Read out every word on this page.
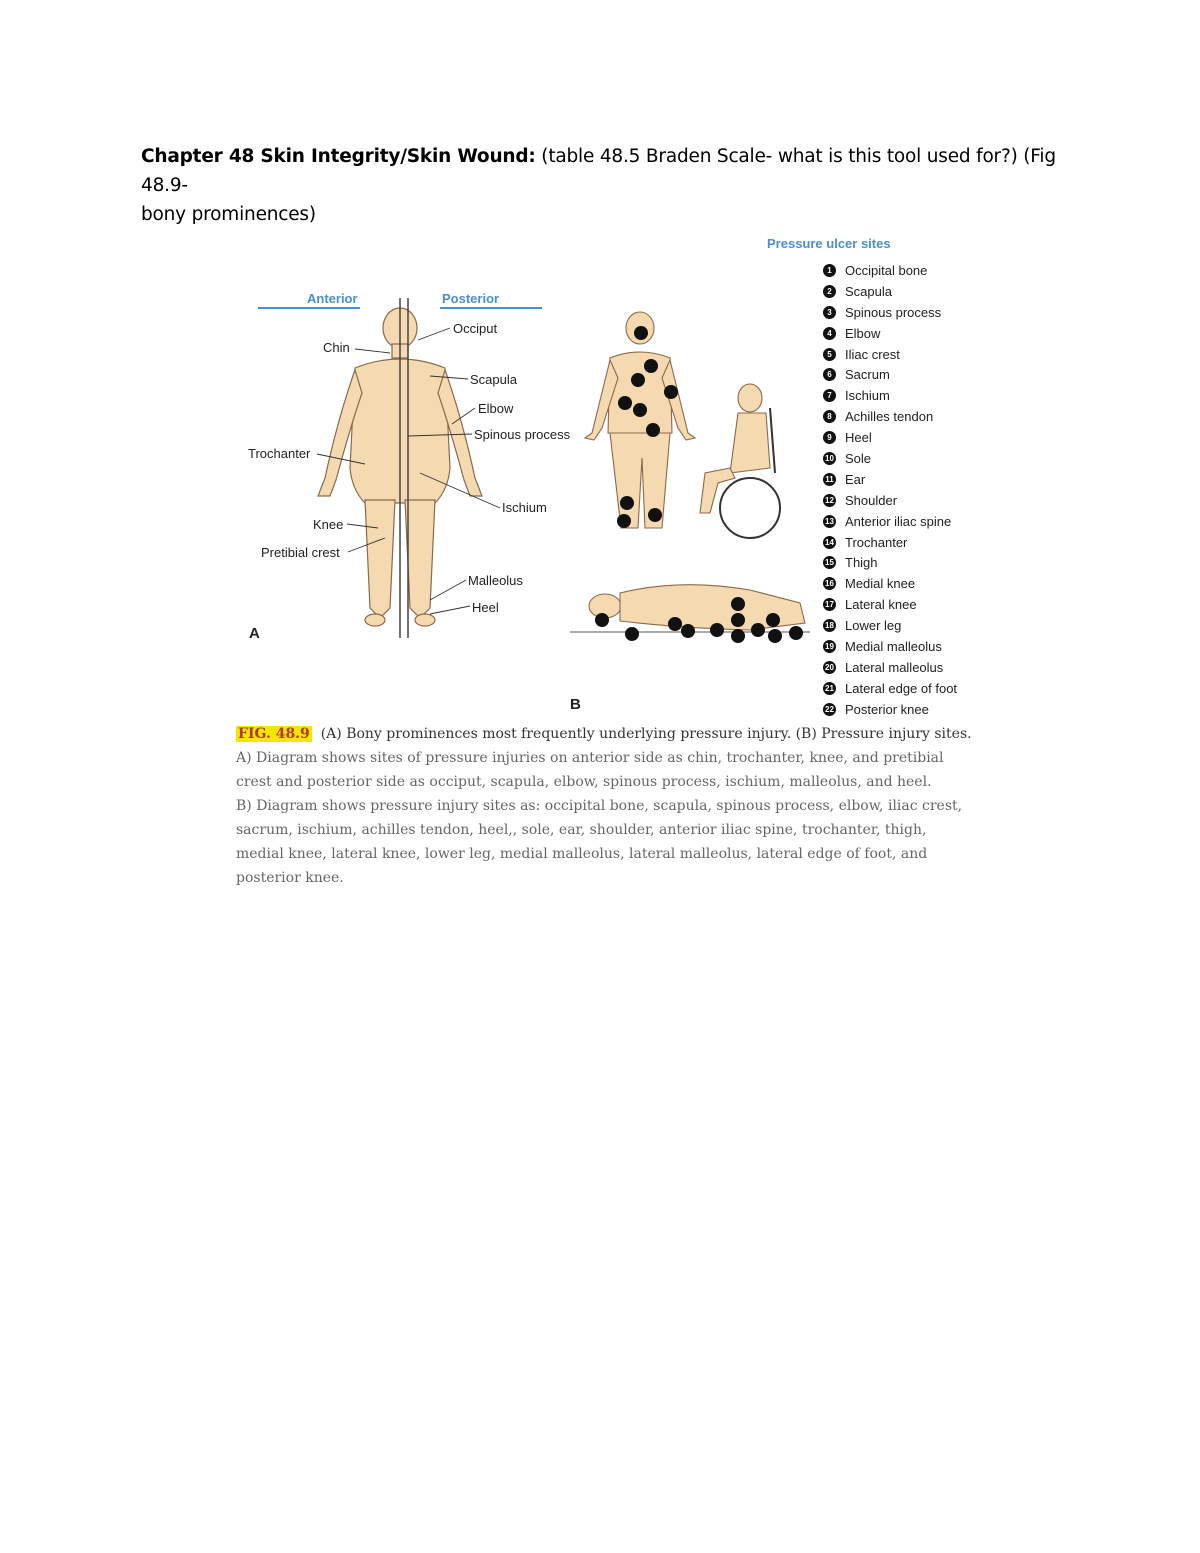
Chapter 48 Skin Integrity/Skin Wound: (table 48.5 Braden Scale- what is this tool used for?) (Fig 48.9-
bony prominences)
Anterior	Posterior
Chin
Occiput
Scapula
Elbow
Spinous process
Trochanter
Ischium
Knee
Pretibial crest
Malleolus
Heel
A
B
Pressure ulcer sites
1	Occipital bone
2	Scapula
3	Spinous process
4	Elbow
5	Iliac crest
6	Sacrum
7	Ischium
8	Achilles tendon
9	Heel
10 Sole
11 Ear
12 Shoulder
13 Anterior iliac spine
14 Trochanter
15 Thigh
16 Medial knee
17 Lateral knee
18 Lower leg
19 Medial malleolus
20 Lateral malleolus
21 Lateral edge of foot
22 Posterior knee

FIG. 48.9 (A) Bony prominences most frequently underlying pressure injury. (B) Pressure injury sites.

A) Diagram shows sites of pressure injuries on anterior side as chin, trochanter, knee, and pretibial crest and posterior side as occiput, scapula, elbow, spinous process, ischium, malleolus, and heel.

B) Diagram shows pressure injury sites as: occipital bone, scapula, spinous process, elbow, iliac crest, sacrum, ischium, achilles tendon, heel,, sole, ear, shoulder, anterior iliac spine, trochanter, thigh, medial knee, lateral knee, lower leg, medial malleolus, lateral malleolus, lateral edge of foot, and posterior knee.
